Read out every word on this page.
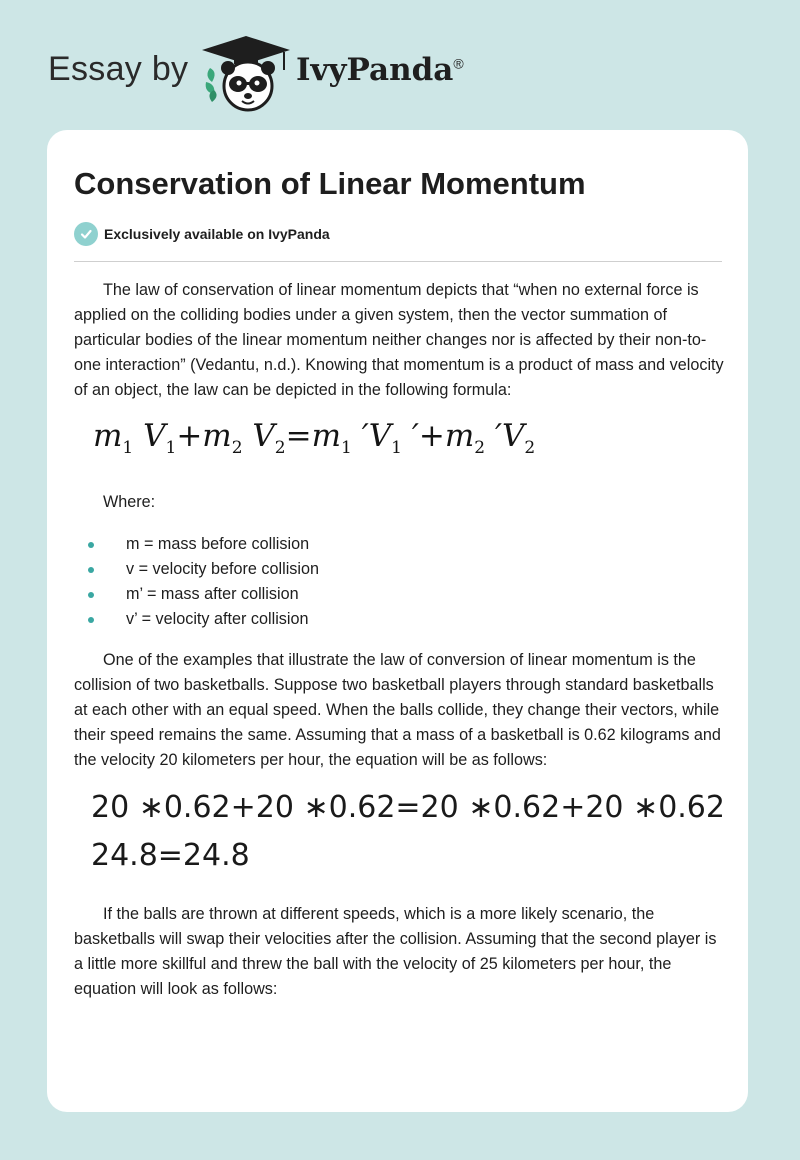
Essay by	IvyPanda®
Conservation of Linear Momentum
Exclusively available on IvyPanda

The law of conservation of linear momentum depicts that “when no external force is applied on the colliding bodies under a given system, then the vector summation of particular bodies of the linear momentum neither changes nor is affected by their non-to-one interaction” (Vedantu, n.d.). Knowing that momentum is a product of mass and velocity of an object, the law can be depicted in the following formula:

$m_1$ $V_1+m_2$ $V_2=m_1$ $'V_1$ $'+m_2$ $'V_2$

Where:

m = mass before collision
v = velocity before collision
m’ = mass after collision
v’ = velocity after collision

One of the examples that illustrate the law of conversion of linear momentum is the collision of two basketballs. Suppose two basketball players through standard basketballs at each other with an equal speed. When the balls collide, they change their vectors, while their speed remains the same. Assuming that a mass of a basketball is 0.62 kilograms and the velocity 20 kilometers per hour, the equation will be as follows:

20 ∗0.62+20 ∗0.62=20 ∗0.62+20 ∗0.62
24.8=24.8

If the balls are thrown at different speeds, which is a more likely scenario, the basketballs will swap their velocities after the collision. Assuming that the second player is a little more skillful and threw the ball with the velocity of 25 kilometers per hour, the equation will look as follows:
